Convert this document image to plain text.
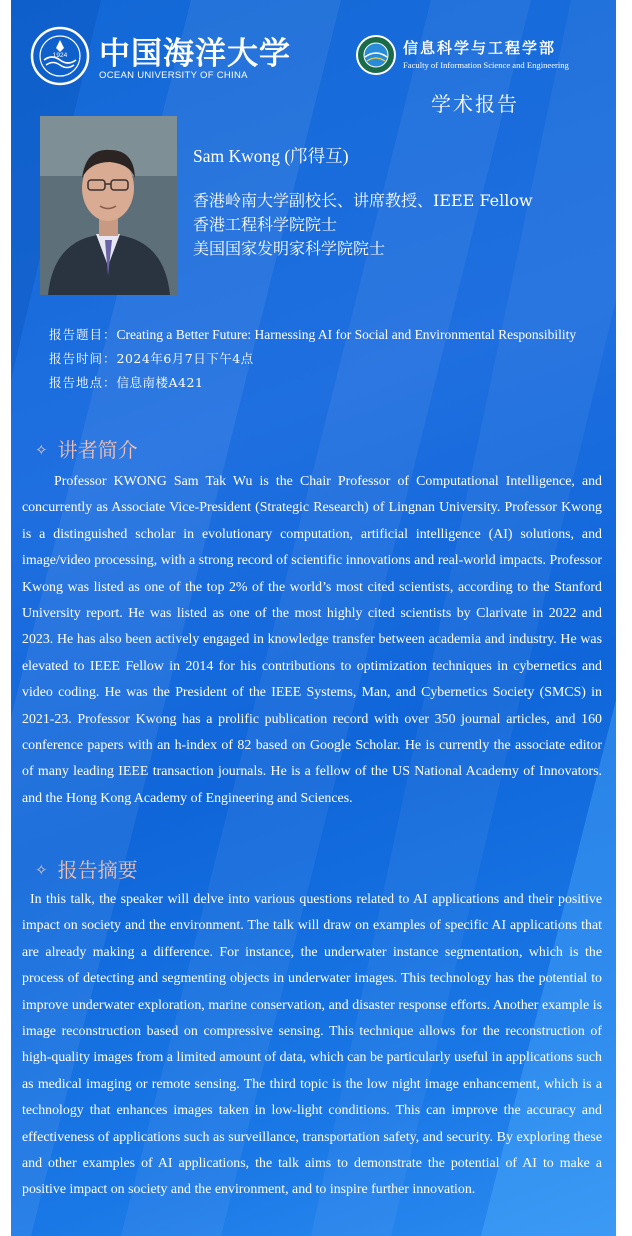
1924 中国海洋大学
OCEAN UNIVERSITY OF CHINA
信息科学与工程学部
Faculty of Information Science and Engineering
学术报告
Sam Kwong (邝得互)
香港岭南大学副校长、讲席教授、IEEE Fellow
香港工程科学院院士
美国国家发明家科学院院士
报告题目：Creating a Better Future: Harnessing AI for Social and Environmental Responsibility
报告时间：2024年6月7日下午4点
报告地点：信息南楼A421
✧ 讲者简介
Professor KWONG Sam Tak Wu is the Chair Professor of Computational Intelligence, and concurrently as Associate Vice-President (Strategic Research) of Lingnan University. Professor Kwong is a distinguished scholar in evolutionary computation, artificial intelligence (AI) solutions, and image/video processing, with a strong record of scientific innovations and real-world impacts. Professor Kwong was listed as one of the top 2% of the world’s most cited scientists, according to the Stanford University report. He was listed as one of the most highly cited scientists by Clarivate in 2022 and 2023. He has also been actively engaged in knowledge transfer between academia and industry. He was elevated to IEEE Fellow in 2014 for his contributions to optimization techniques in cybernetics and video coding. He was the President of the IEEE Systems, Man, and Cybernetics Society (SMCS) in 2021-23. Professor Kwong has a prolific publication record with over 350 journal articles, and 160 conference papers with an h-index of 82 based on Google Scholar. He is currently the associate editor of many leading IEEE transaction journals. He is a fellow of the US National Academy of Innovators. and the Hong Kong Academy of Engineering and Sciences.
✧ 报告摘要
In this talk, the speaker will delve into various questions related to AI applications and their positive impact on society and the environment. The talk will draw on examples of specific AI applications that are already making a difference. For instance, the underwater instance segmentation, which is the process of detecting and segmenting objects in underwater images. This technology has the potential to improve underwater exploration, marine conservation, and disaster response efforts. Another example is image reconstruction based on compressive sensing. This technique allows for the reconstruction of high-quality images from a limited amount of data, which can be particularly useful in applications such as medical imaging or remote sensing. The third topic is the low night image enhancement, which is a technology that enhances images taken in low-light conditions. This can improve the accuracy and effectiveness of applications such as surveillance, transportation safety, and security. By exploring these and other examples of AI applications, the talk aims to demonstrate the potential of AI to make a positive impact on society and the environment, and to inspire further innovation.
